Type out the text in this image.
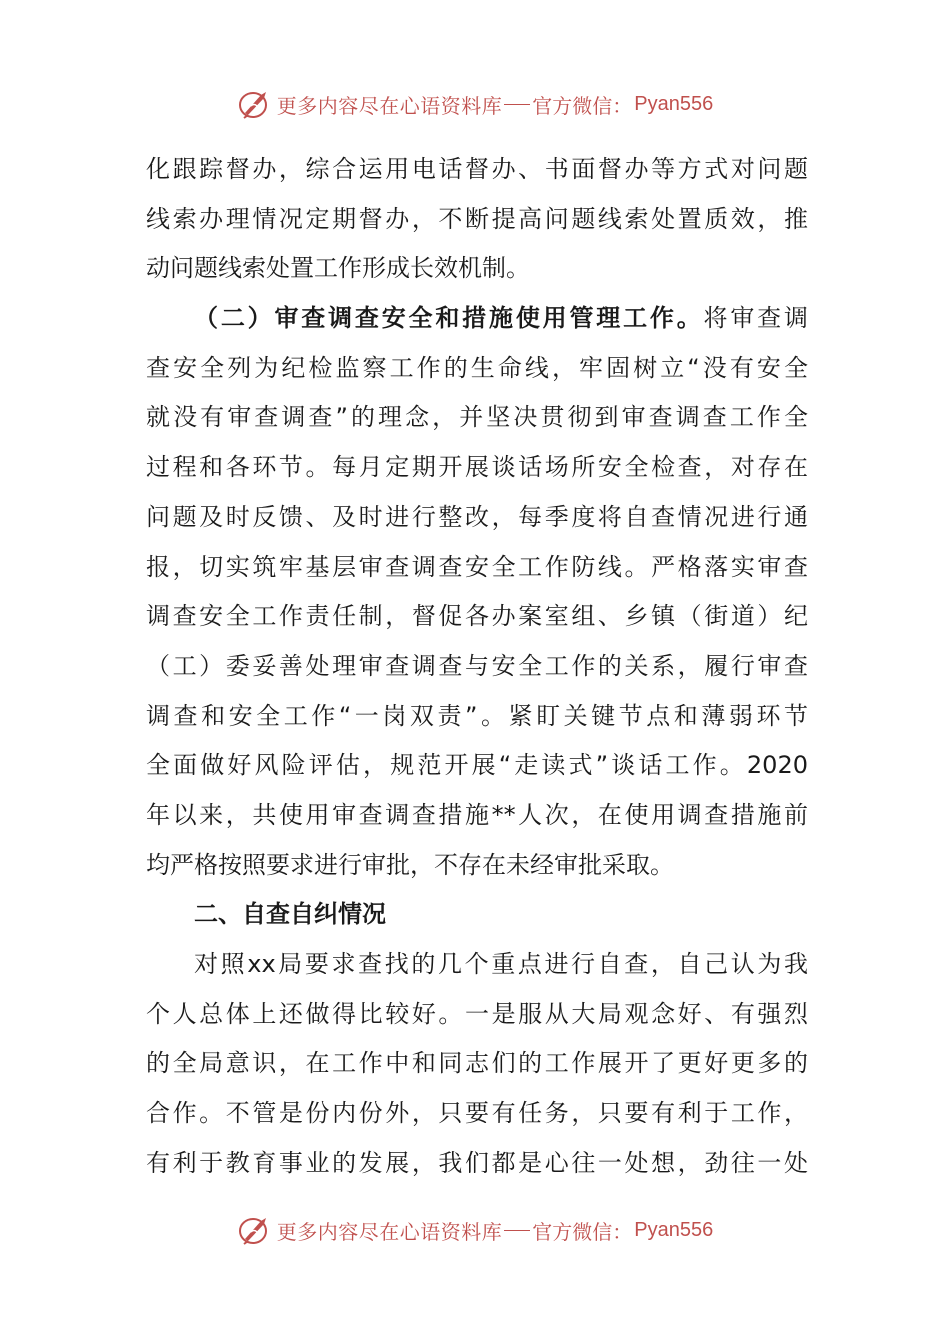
更多内容尽在心语资料库 官方微信： Pyan556

化跟踪督办，综合运用电话督办、书面督办等方式对问题

线索办理情况定期督办，不断提高问题线索处置质效，推

动问题线索处置工作形成长效机制。

（二）审查调查安全和措施使用管理工作。将审查调

查安全列为纪检监察工作的生命线，牢固树立“没有安全

就没有审查调查”的理念，并坚决贯彻到审查调查工作全

过程和各环节。每月定期开展谈话场所安全检查，对存在

问题及时反馈、及时进行整改，每季度将自查情况进行通

报，切实筑牢基层审查调查安全工作防线。严格落实审查

调查安全工作责任制，督促各办案室组、乡镇（街道）纪

（工）委妥善处理审查调查与安全工作的关系，履行审查

调查和安全工作“一岗双责”。紧盯关键节点和薄弱环节

全面做好风险评估，规范开展“走读式”谈话工作。2020

年以来，共使用审查调查措施**人次，在使用调查措施前

均严格按照要求进行审批，不存在未经审批采取。

二、自查自纠情况

对照xx局要求查找的几个重点进行自查，自己认为我

个人总体上还做得比较好。一是服从大局观念好、有强烈

的全局意识，在工作中和同志们的工作展开了更好更多的

合作。不管是份内份外，只要有任务，只要有利于工作，

有利于教育事业的发展，我们都是心往一处想，劲往一处

更多内容尽在心语资料库 官方微信： Pyan556
